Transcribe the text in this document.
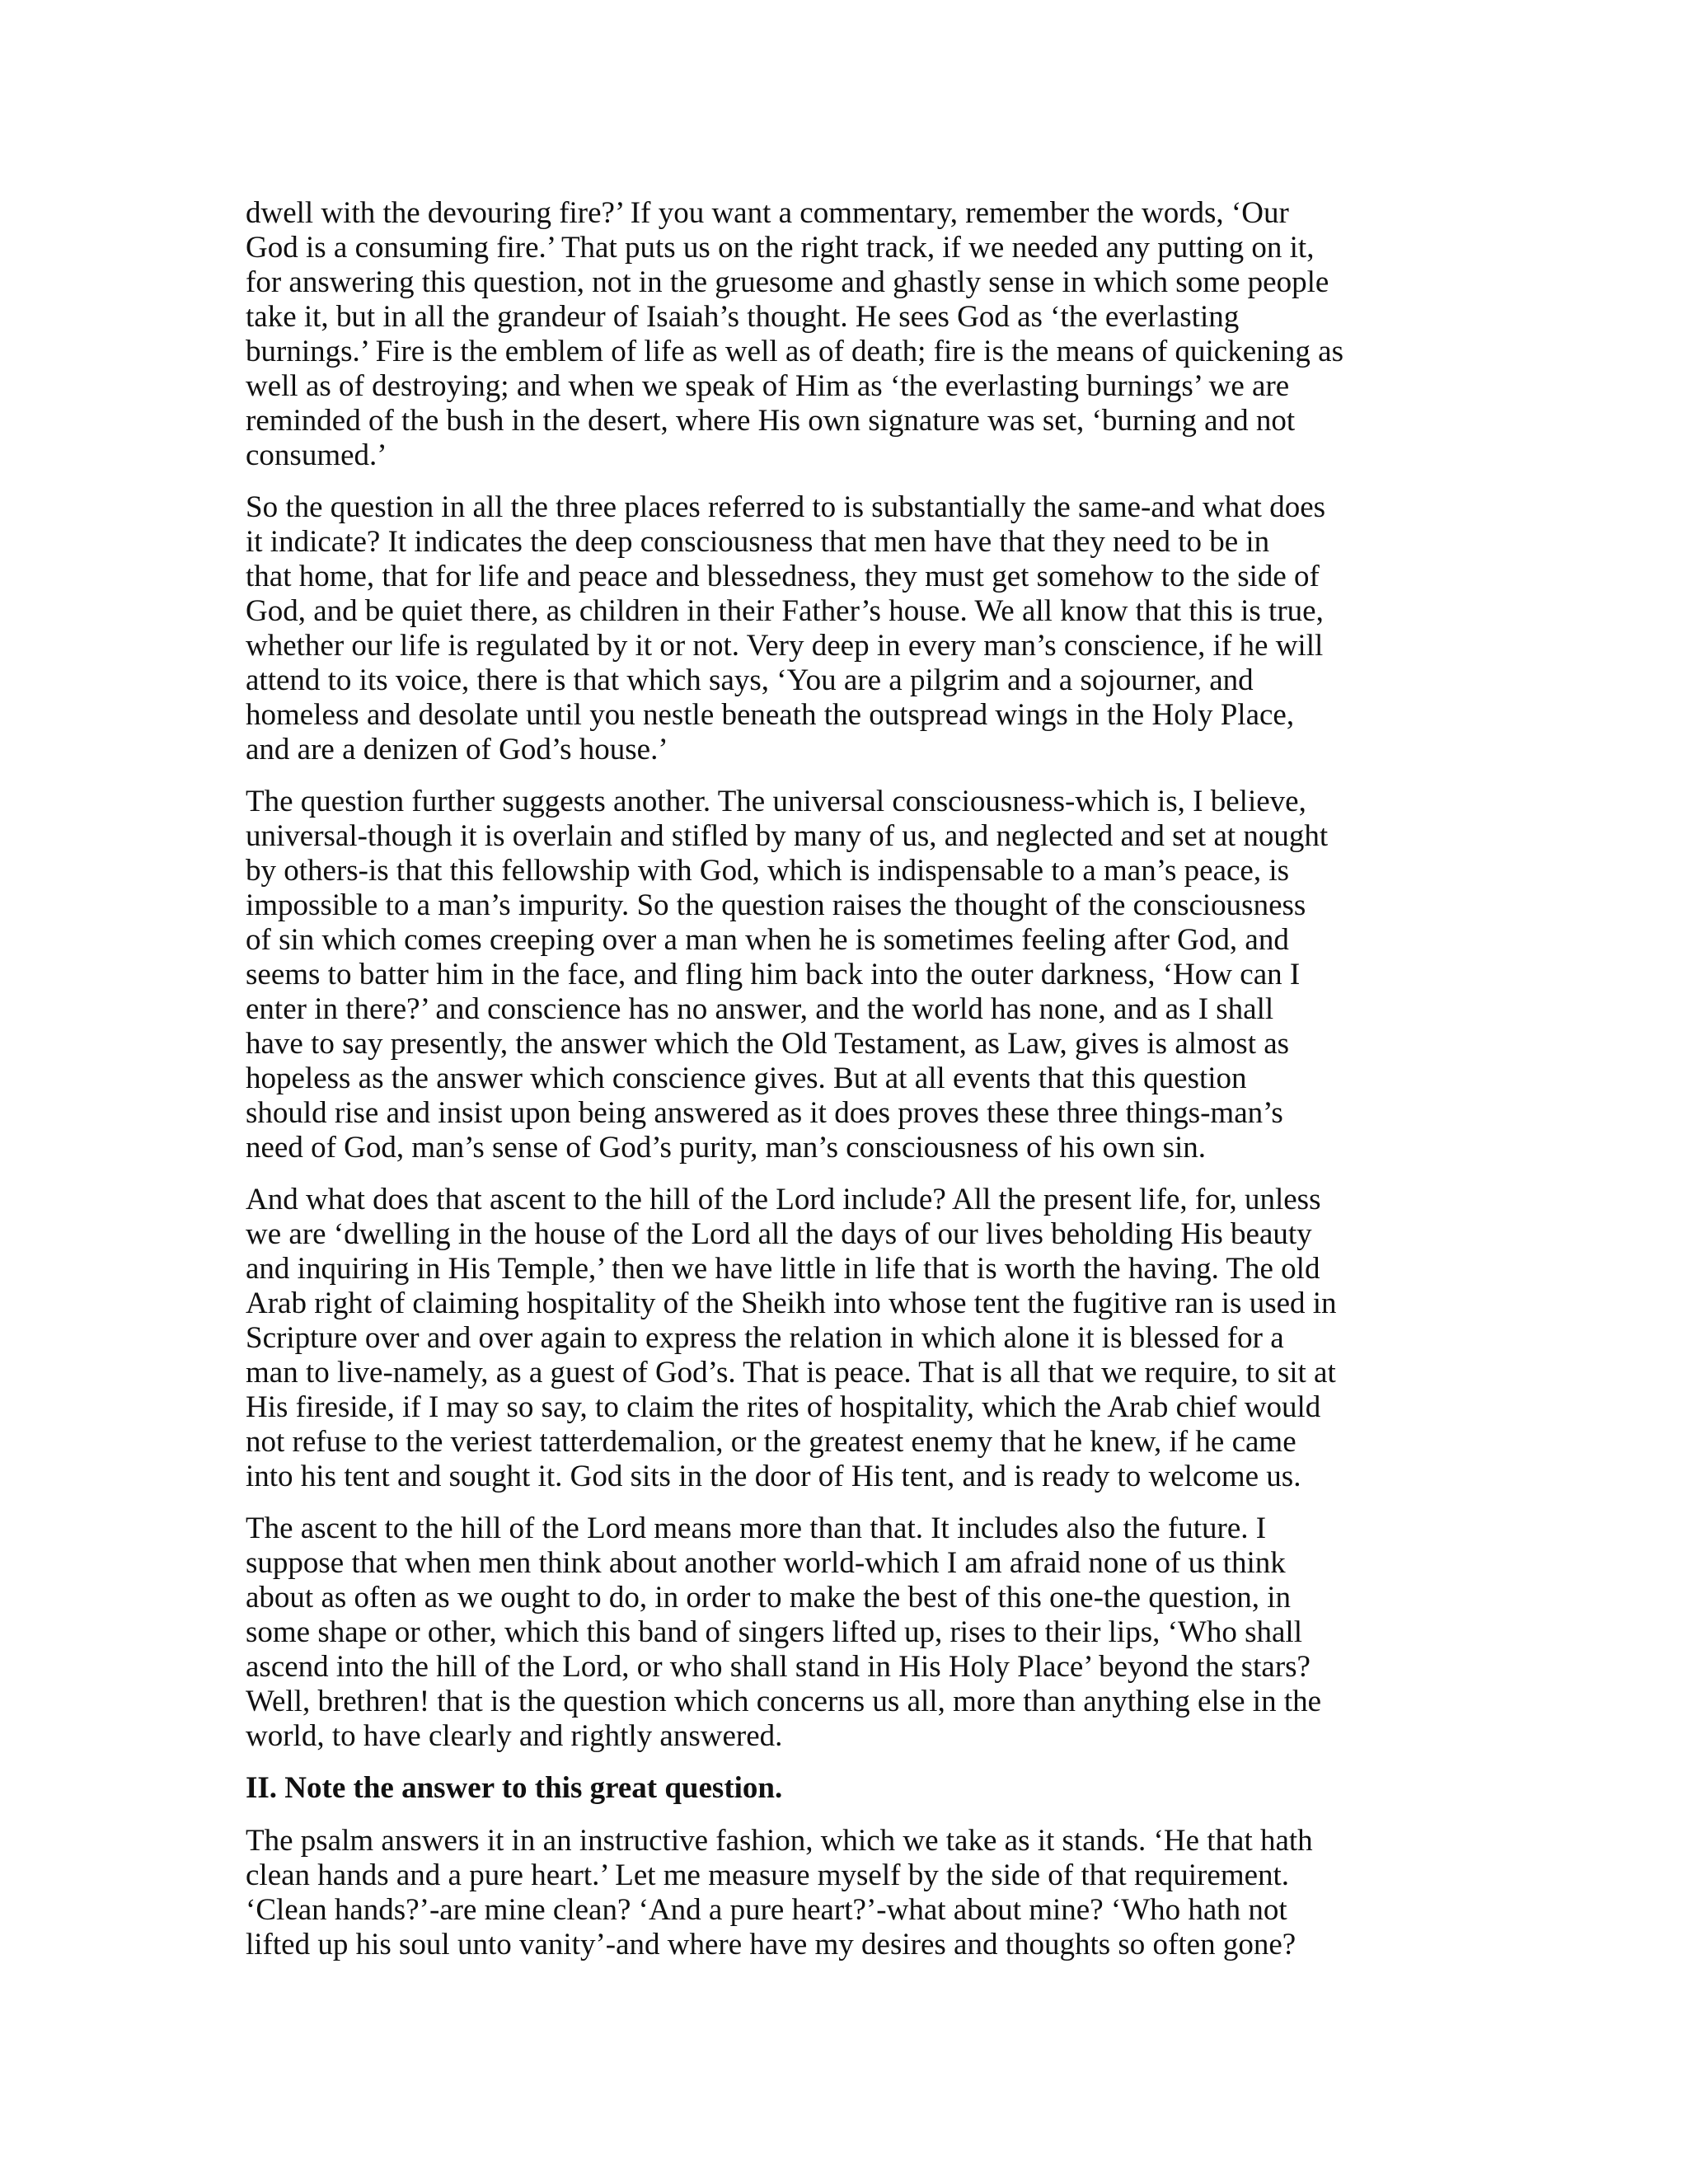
dwell with the devouring fire?’ If you want a commentary, remember the words, ‘Our
God is a consuming fire.’ That puts us on the right track, if we needed any putting on it,
for answering this question, not in the gruesome and ghastly sense in which some people
take it, but in all the grandeur of Isaiah’s thought. He sees God as ‘the everlasting
burnings.’ Fire is the emblem of life as well as of death; fire is the means of quickening as
well as of destroying; and when we speak of Him as ‘the everlasting burnings’ we are
reminded of the bush in the desert, where His own signature was set, ‘burning and not
consumed.’

So the question in all the three places referred to is substantially the same-and what does
it indicate? It indicates the deep consciousness that men have that they need to be in
that home, that for life and peace and blessedness, they must get somehow to the side of
God, and be quiet there, as children in their Father’s house. We all know that this is true,
whether our life is regulated by it or not. Very deep in every man’s conscience, if he will
attend to its voice, there is that which says, ‘You are a pilgrim and a sojourner, and
homeless and desolate until you nestle beneath the outspread wings in the Holy Place,
and are a denizen of God’s house.’

The question further suggests another. The universal consciousness-which is, I believe,
universal-though it is overlain and stifled by many of us, and neglected and set at nought
by others-is that this fellowship with God, which is indispensable to a man’s peace, is
impossible to a man’s impurity. So the question raises the thought of the consciousness
of sin which comes creeping over a man when he is sometimes feeling after God, and
seems to batter him in the face, and fling him back into the outer darkness, ‘How can I
enter in there?’ and conscience has no answer, and the world has none, and as I shall
have to say presently, the answer which the Old Testament, as Law, gives is almost as
hopeless as the answer which conscience gives. But at all events that this question
should rise and insist upon being answered as it does proves these three things-man’s
need of God, man’s sense of God’s purity, man’s consciousness of his own sin.

And what does that ascent to the hill of the Lord include? All the present life, for, unless
we are ‘dwelling in the house of the Lord all the days of our lives beholding His beauty
and inquiring in His Temple,’ then we have little in life that is worth the having. The old
Arab right of claiming hospitality of the Sheikh into whose tent the fugitive ran is used in
Scripture over and over again to express the relation in which alone it is blessed for a
man to live-namely, as a guest of God’s. That is peace. That is all that we require, to sit at
His fireside, if I may so say, to claim the rites of hospitality, which the Arab chief would
not refuse to the veriest tatterdemalion, or the greatest enemy that he knew, if he came
into his tent and sought it. God sits in the door of His tent, and is ready to welcome us.

The ascent to the hill of the Lord means more than that. It includes also the future. I
suppose that when men think about another world-which I am afraid none of us think
about as often as we ought to do, in order to make the best of this one-the question, in
some shape or other, which this band of singers lifted up, rises to their lips, ‘Who shall
ascend into the hill of the Lord, or who shall stand in His Holy Place’ beyond the stars?
Well, brethren! that is the question which concerns us all, more than anything else in the
world, to have clearly and rightly answered.

II. Note the answer to this great question.

The psalm answers it in an instructive fashion, which we take as it stands. ‘He that hath
clean hands and a pure heart.’ Let me measure myself by the side of that requirement.
‘Clean hands?’-are mine clean? ‘And a pure heart?’-what about mine? ‘Who hath not
lifted up his soul unto vanity’-and where have my desires and thoughts so often gone?
